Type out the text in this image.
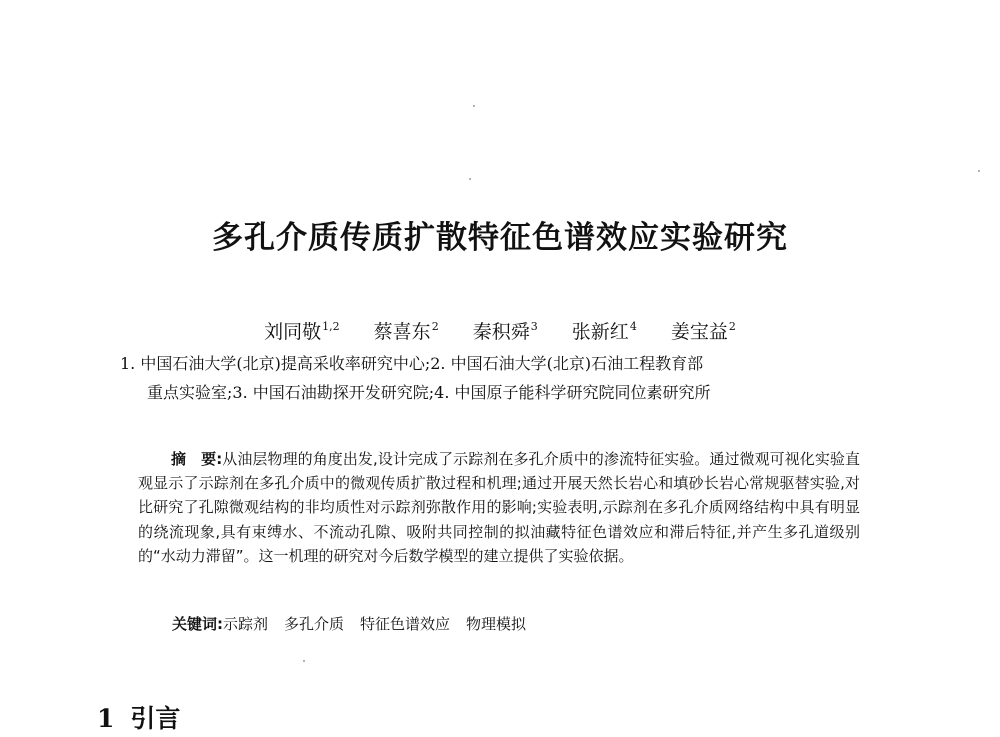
多孔介质传质扩散特征色谱效应实验研究
刘同敬$^{1,2}$ 蔡喜东$^2$ 秦积舜$^3$ 张新红$^4$ 姜宝益$^2$
1. 中国石油大学(北京)提高采收率研究中心;2. 中国石油大学(北京)石油工程教育部
重点实验室;3. 中国石油勘探开发研究院;4. 中国原子能科学研究院同位素研究所
摘　要:从油层物理的角度出发,设计完成了示踪剂在多孔介质中的渗流特征实验。通过微观可视化实验直观显示了示踪剂在多孔介质中的微观传质扩散过程和机理;通过开展天然长岩心和填砂长岩心常规驱替实验,对比研究了孔隙微观结构的非均质性对示踪剂弥散作用的影响;实验表明,示踪剂在多孔介质网络结构中具有明显的绕流现象,具有束缚水、不流动孔隙、吸附共同控制的拟油藏特征色谱效应和滞后特征,并产生多孔道级别的“水动力滞留”。这一机理的研究对今后数学模型的建立提供了实验依据。
关键词:示踪剂 多孔介质 特征色谱效应 物理模拟
1 引言
